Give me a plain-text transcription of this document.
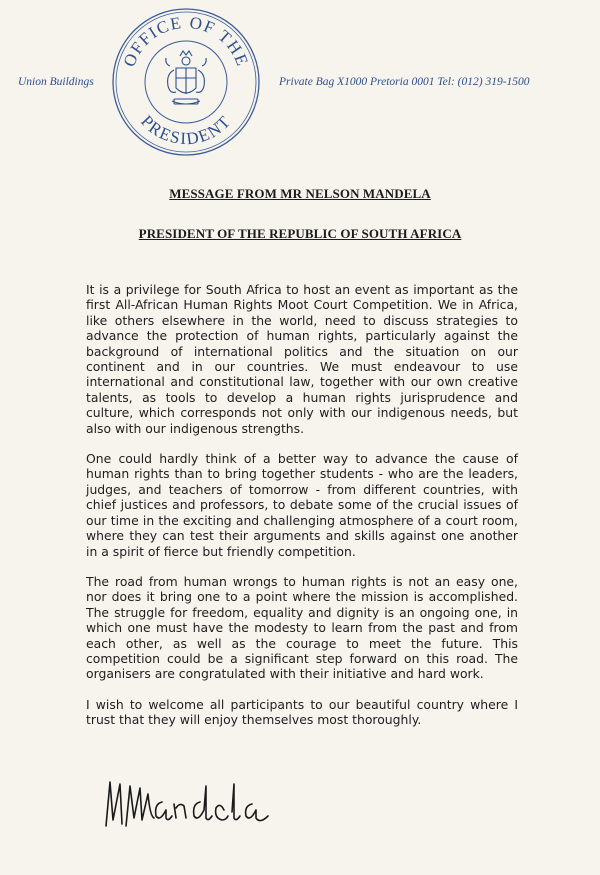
Union Buildings
OFFICE OF THE
PRESIDENT
Private Bag X1000 Pretoria 0001 Tel: (012) 319-1500
MESSAGE FROM MR NELSON MANDELA
PRESIDENT OF THE REPUBLIC OF SOUTH AFRICA

It is a privilege for South Africa to host an event as important as the first All-African Human Rights Moot Court Competition. We in Africa, like others elsewhere in the world, need to discuss strategies to advance the protection of human rights, particularly against the background of international politics and the situation on our continent and in our countries. We must endeavour to use international and constitutional law, together with our own creative talents, as tools to develop a human rights jurisprudence and culture, which corresponds not only with our indigenous needs, but also with our indigenous strengths.

One could hardly think of a better way to advance the cause of human rights than to bring together students - who are the leaders, judges, and teachers of tomorrow - from different countries, with chief justices and professors, to debate some of the crucial issues of our time in the exciting and challenging atmosphere of a court room, where they can test their arguments and skills against one another in a spirit of fierce but friendly competition.

The road from human wrongs to human rights is not an easy one, nor does it bring one to a point where the mission is accomplished. The struggle for freedom, equality and dignity is an ongoing one, in which one must have the modesty to learn from the past and from each other, as well as the courage to meet the future. This competition could be a significant step forward on this road. The organisers are congratulated with their initiative and hard work.

I wish to welcome all participants to our beautiful country where I trust that they will enjoy themselves most thoroughly.
